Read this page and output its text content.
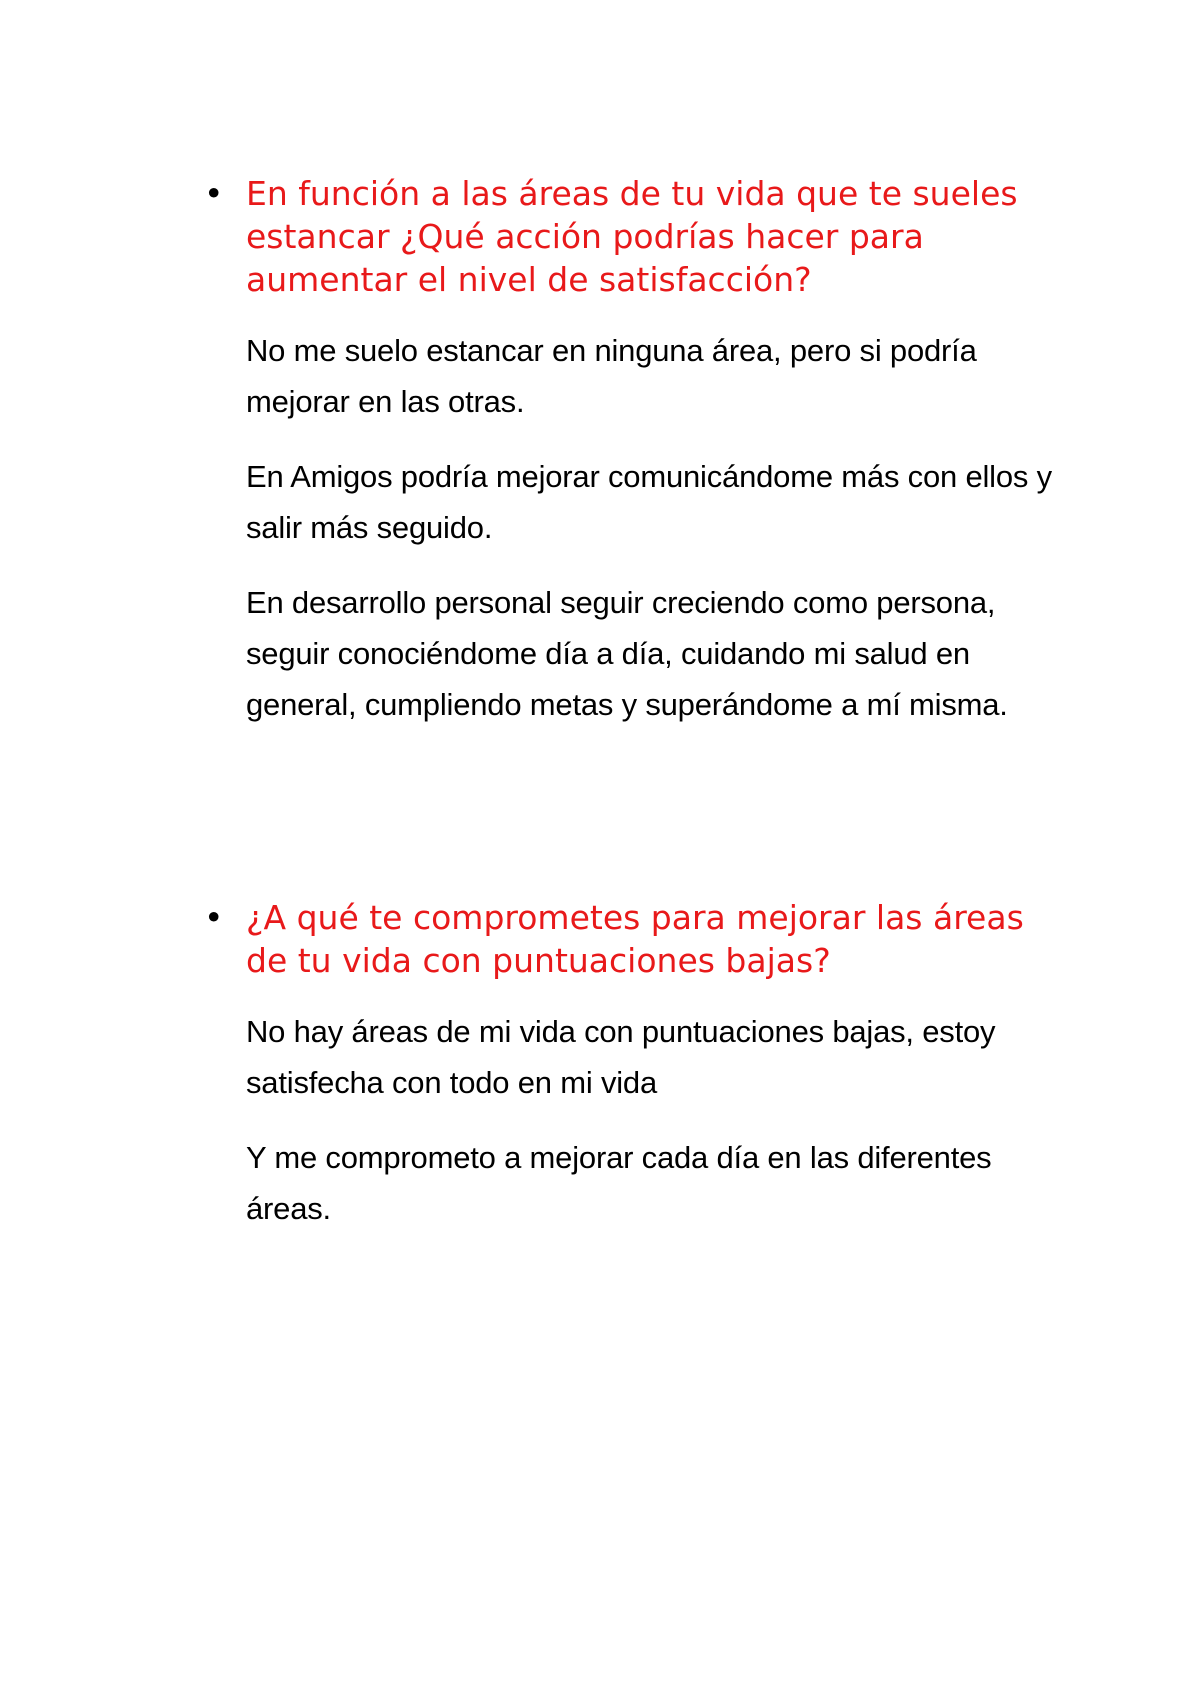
• En función a las áreas de tu vida que te sueles estancar ¿Qué acción podrías hacer para aumentar el nivel de satisfacción?

No me suelo estancar en ninguna área, pero si podría mejorar en las otras.

En Amigos podría mejorar comunicándome más con ellos y salir más seguido.

En desarrollo personal seguir creciendo como persona, seguir conociéndome día a día, cuidando mi salud en general, cumpliendo metas y superándome a mí misma.

• ¿A qué te comprometes para mejorar las áreas de tu vida con puntuaciones bajas?

No hay áreas de mi vida con puntuaciones bajas, estoy satisfecha con todo en mi vida

Y me comprometo a mejorar cada día en las diferentes áreas.
